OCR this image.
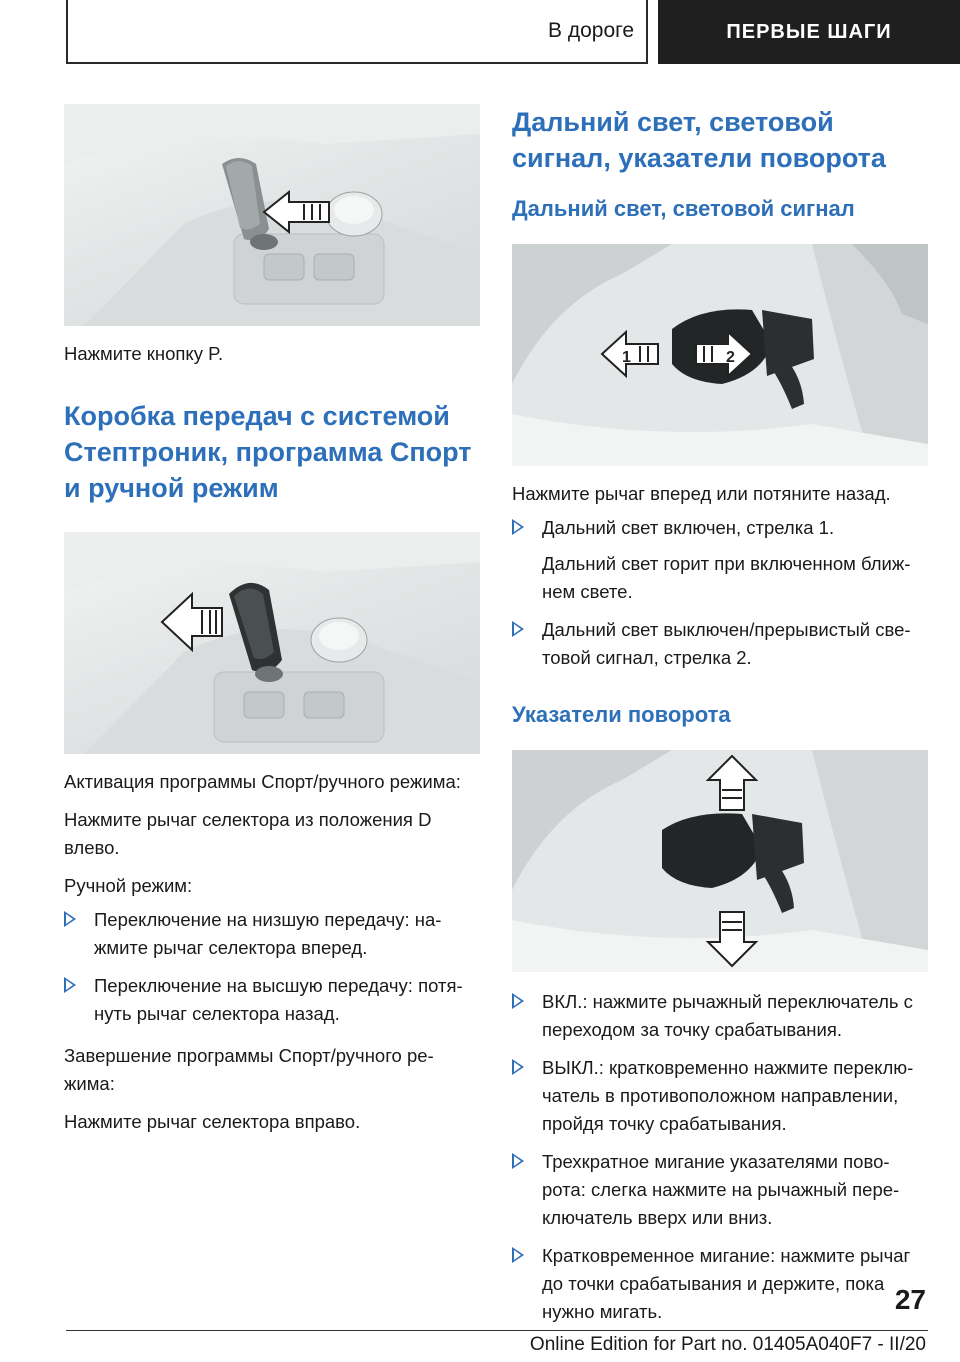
В дороге	ПЕРВЫЕ ШАГИ

Нажмите кнопку P.

Коробка передач с системой Стептроник, программа Спорт и ручной режим

Активация программы Спорт/ручного режима:

Нажмите рычаг селектора из положения D влево.

Ручной режим:

Переключение на низшую передачу: на-жмите рычаг селектора вперед.
Переключение на высшую передачу: потя-нуть рычаг селектора назад.

Завершение программы Спорт/ручного ре-жима:

Нажмите рычаг селектора вправо.

Дальний свет, световой сигнал, указатели поворота
Дальний свет, световой сигнал
1	2

Нажмите рычаг вперед или потяните назад.

Дальний свет включен, стрелка 1.
Дальний свет горит при включенном ближ-нем свете.
Дальний свет выключен/прерывистый све-товой сигнал, стрелка 2.
Указатели поворота
ВКЛ.: нажмите рычажный переключатель с переходом за точку срабатывания.
ВЫКЛ.: кратковременно нажмите переклю-чатель в противоположном направлении, пройдя точку срабатывания.
Трехкратное мигание указателями пово-рота: слегка нажмите на рычажный пере-ключатель вверх или вниз.
Кратковременное мигание: нажмите рычаг до точки срабатывания и держите, пока нужно мигать.	27
Online Edition for Part no. 01405A040F7 - II/20
